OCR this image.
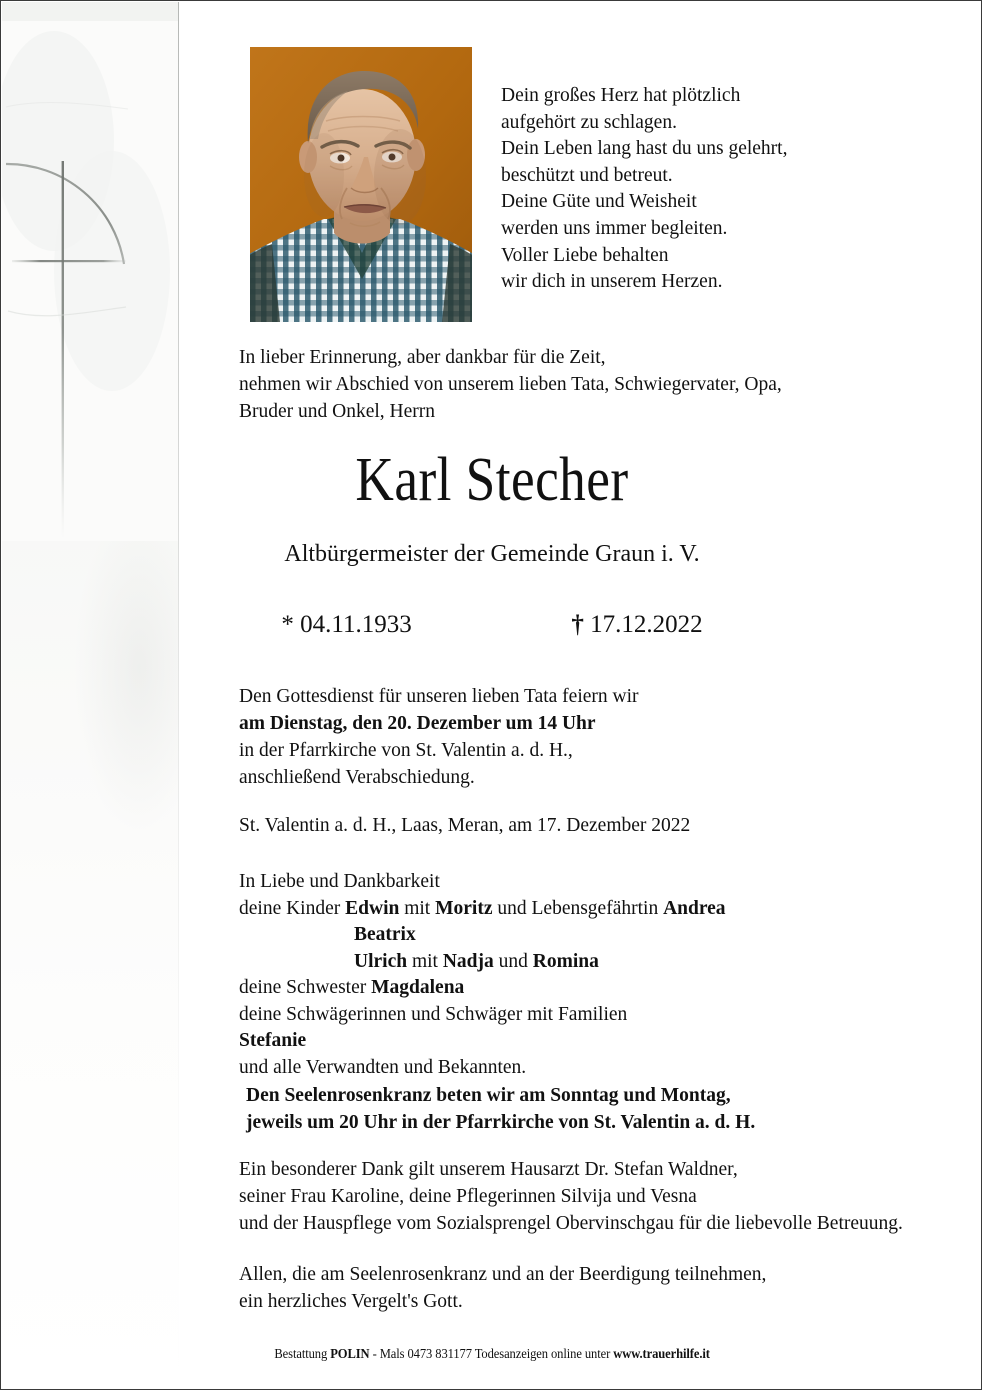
Dein großes Herz hat plötzlich
aufgehört zu schlagen.
Dein Leben lang hast du uns gelehrt,
beschützt und betreut.
Deine Güte und Weisheit
werden uns immer begleiten.
Voller Liebe behalten
wir dich in unserem Herzen.
In lieber Erinnerung, aber dankbar für die Zeit,
nehmen wir Abschied von unserem lieben Tata, Schwiegervater, Opa,
Bruder und Onkel, Herrn
Karl Stecher
Altbürgermeister der Gemeinde Graun i. V.
* 04.11.1933	† 17.12.2022
Den Gottesdienst für unseren lieben Tata feiern wir
am Dienstag, den 20. Dezember um 14 Uhr
in der Pfarrkirche von St. Valentin a. d. H.,
anschließend Verabschiedung.
St. Valentin a. d. H., Laas, Meran, am 17. Dezember 2022
In Liebe und Dankbarkeit
deine Kinder Edwin mit Moritz und Lebensgefährtin Andrea
Beatrix
Ulrich mit Nadja und Romina
deine Schwester Magdalena
deine Schwägerinnen und Schwäger mit Familien
Stefanie
und alle Verwandten und Bekannten.
Den Seelenrosenkranz beten wir am Sonntag und Montag,
jeweils um 20 Uhr in der Pfarrkirche von St. Valentin a. d. H.
Ein besonderer Dank gilt unserem Hausarzt Dr. Stefan Waldner,
seiner Frau Karoline, deine Pflegerinnen Silvija und Vesna
und der Hauspflege vom Sozialsprengel Obervinschgau für die liebevolle Betreuung.
Allen, die am Seelenrosenkranz und an der Beerdigung teilnehmen,
ein herzliches Vergelt's Gott.
Bestattung POLIN - Mals 0473 831177 Todesanzeigen online unter www.trauerhilfe.it
